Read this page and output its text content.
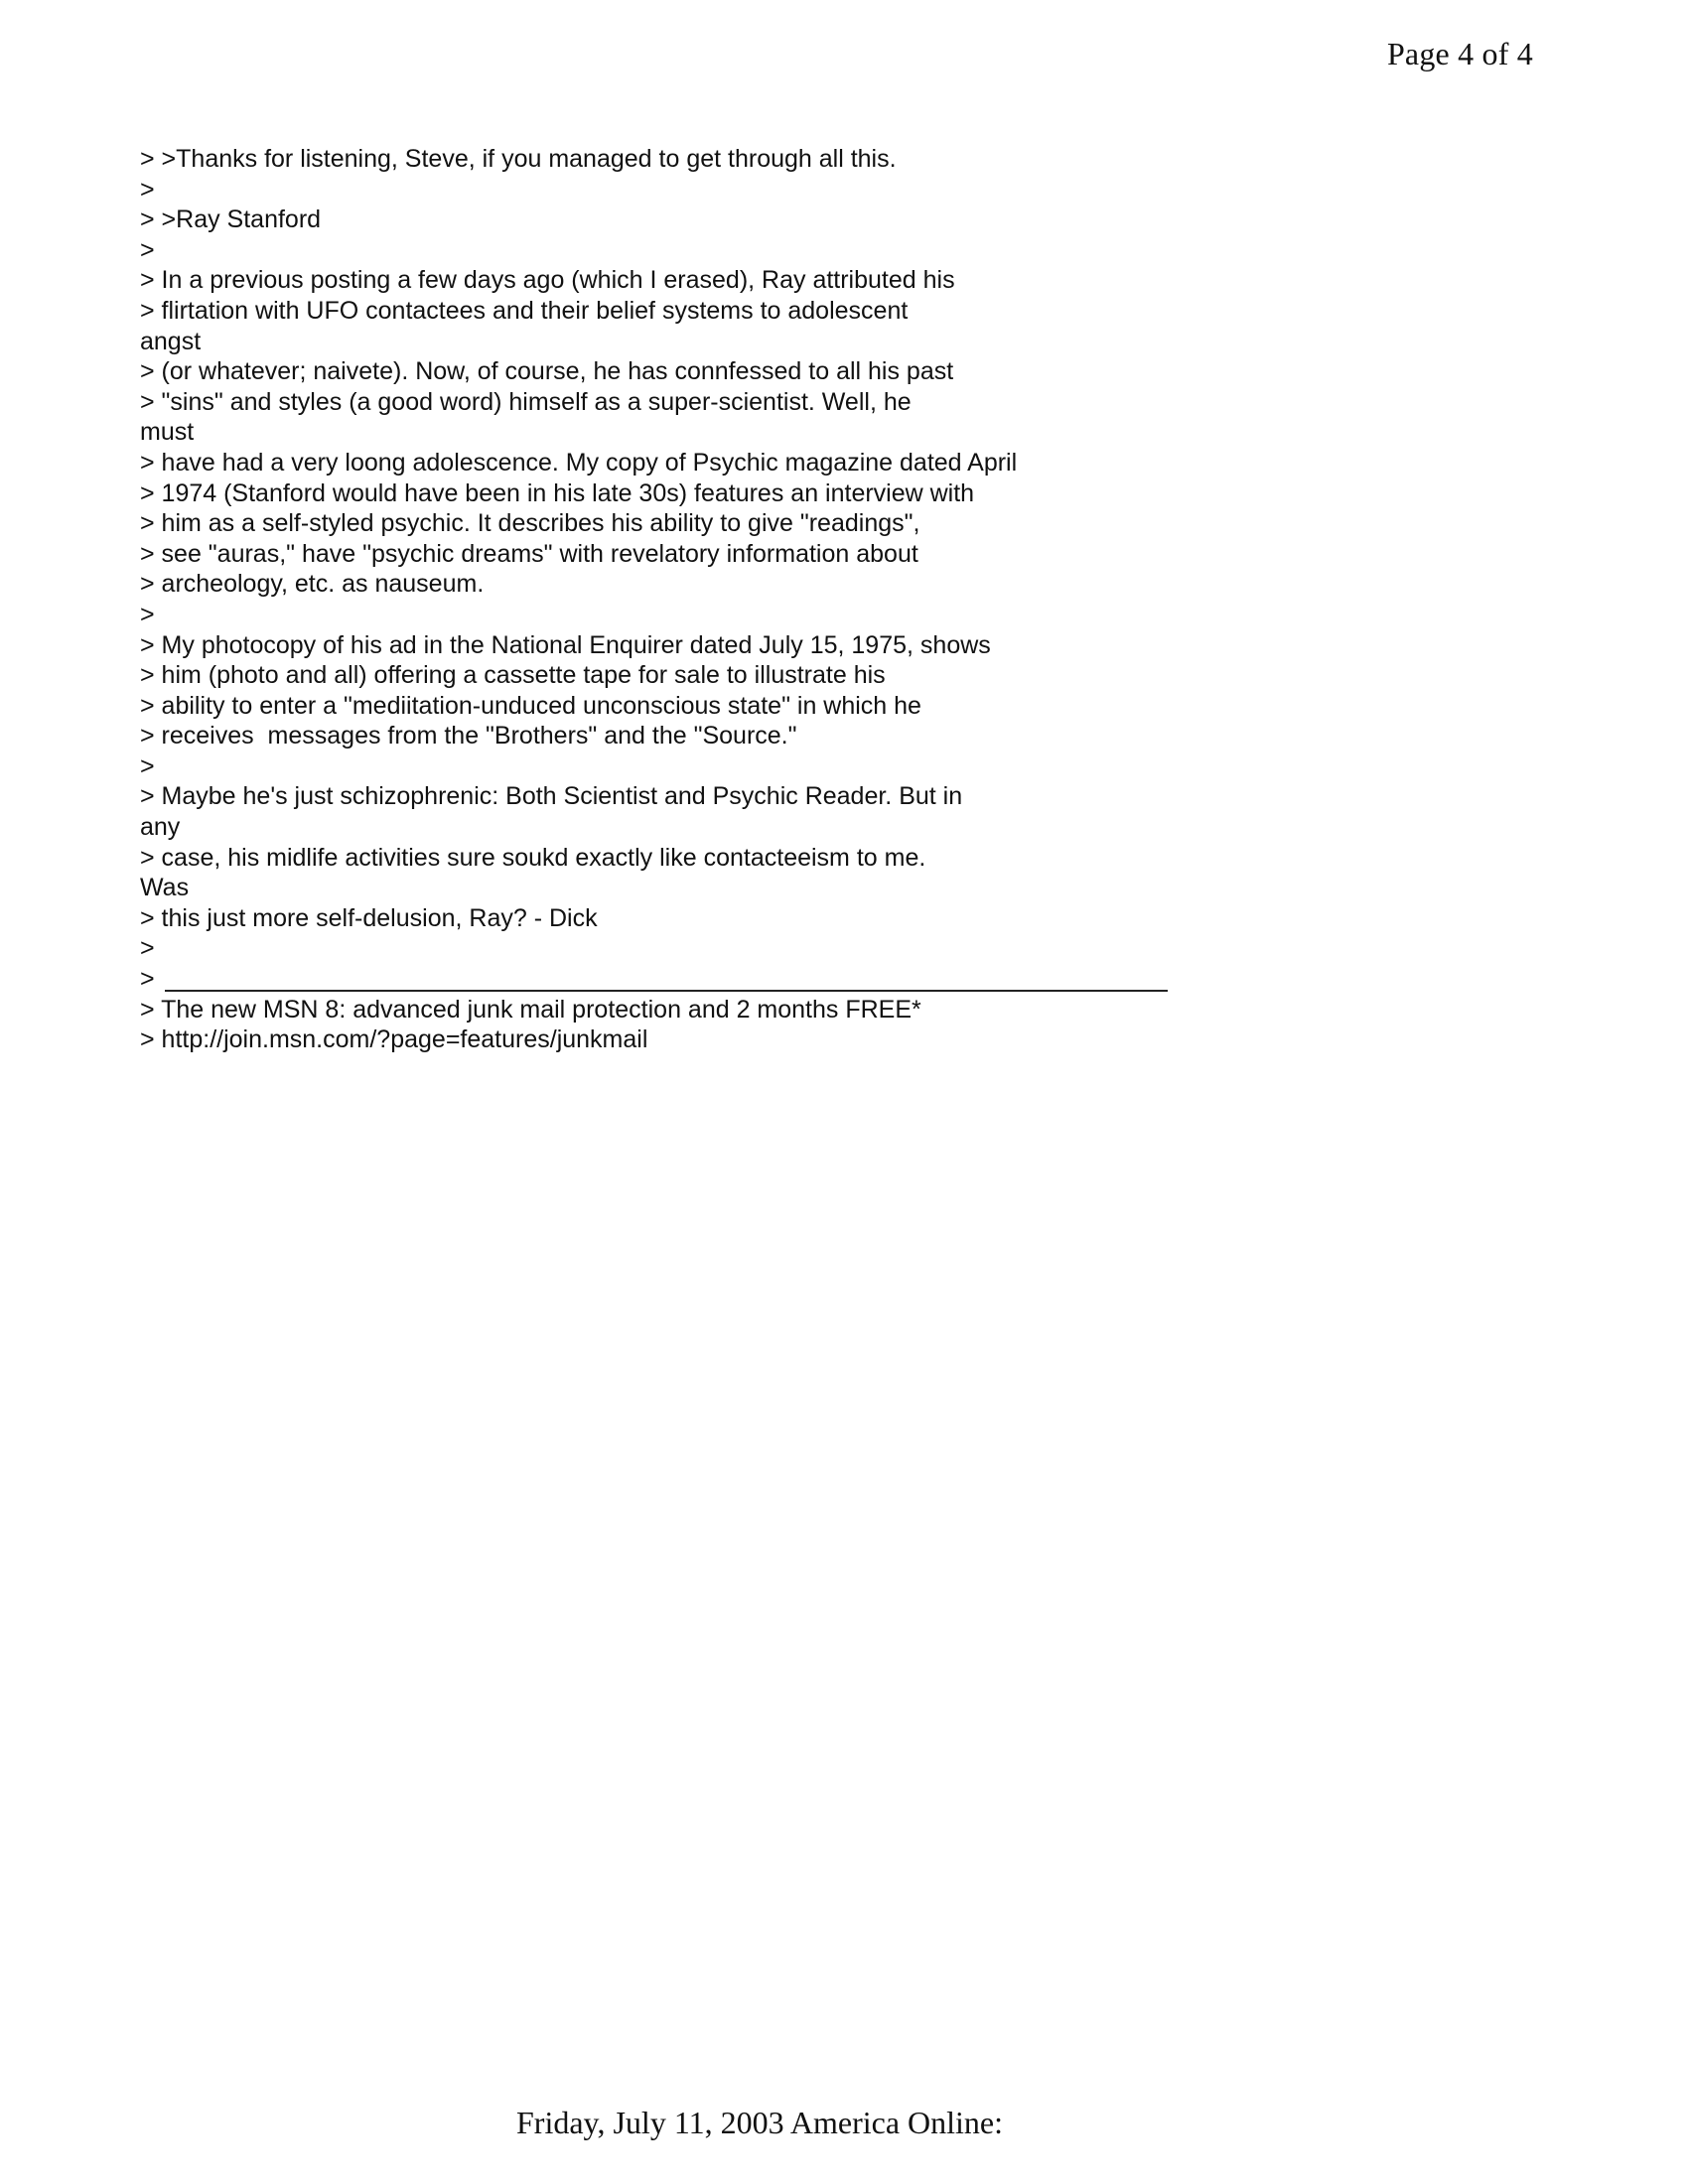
Page 4 of 4
> >Thanks for listening, Steve, if you managed to get through all this.
>
> >Ray Stanford
>
> In a previous posting a few days ago (which I erased), Ray attributed his
> flirtation with UFO contactees and their belief systems to adolescent
angst
> (or whatever; naivete). Now, of course, he has connfessed to all his past
> "sins" and styles (a good word) himself as a super-scientist. Well, he
must
> have had a very loong adolescence. My copy of Psychic magazine dated April
> 1974 (Stanford would have been in his late 30s) features an interview with
> him as a self-styled psychic. It describes his ability to give "readings",
> see "auras," have "psychic dreams" with revelatory information about
> archeology, etc. as nauseum.
>
> My photocopy of his ad in the National Enquirer dated July 15, 1975, shows
> him (photo and all) offering a cassette tape for sale to illustrate his
> ability to enter a "mediitation-unduced unconscious state" in which he
> receives  messages from the "Brothers" and the "Source."
>
> Maybe he's just schizophrenic: Both Scientist and Psychic Reader. But in
any
> case, his midlife activities sure soukd exactly like contacteeism to me.
Was
> this just more self-delusion, Ray? - Dick
>
>
> The new MSN 8: advanced junk mail protection and 2 months FREE*
> http://join.msn.com/?page=features/junkmail
Friday, July 11, 2003 America Online:
